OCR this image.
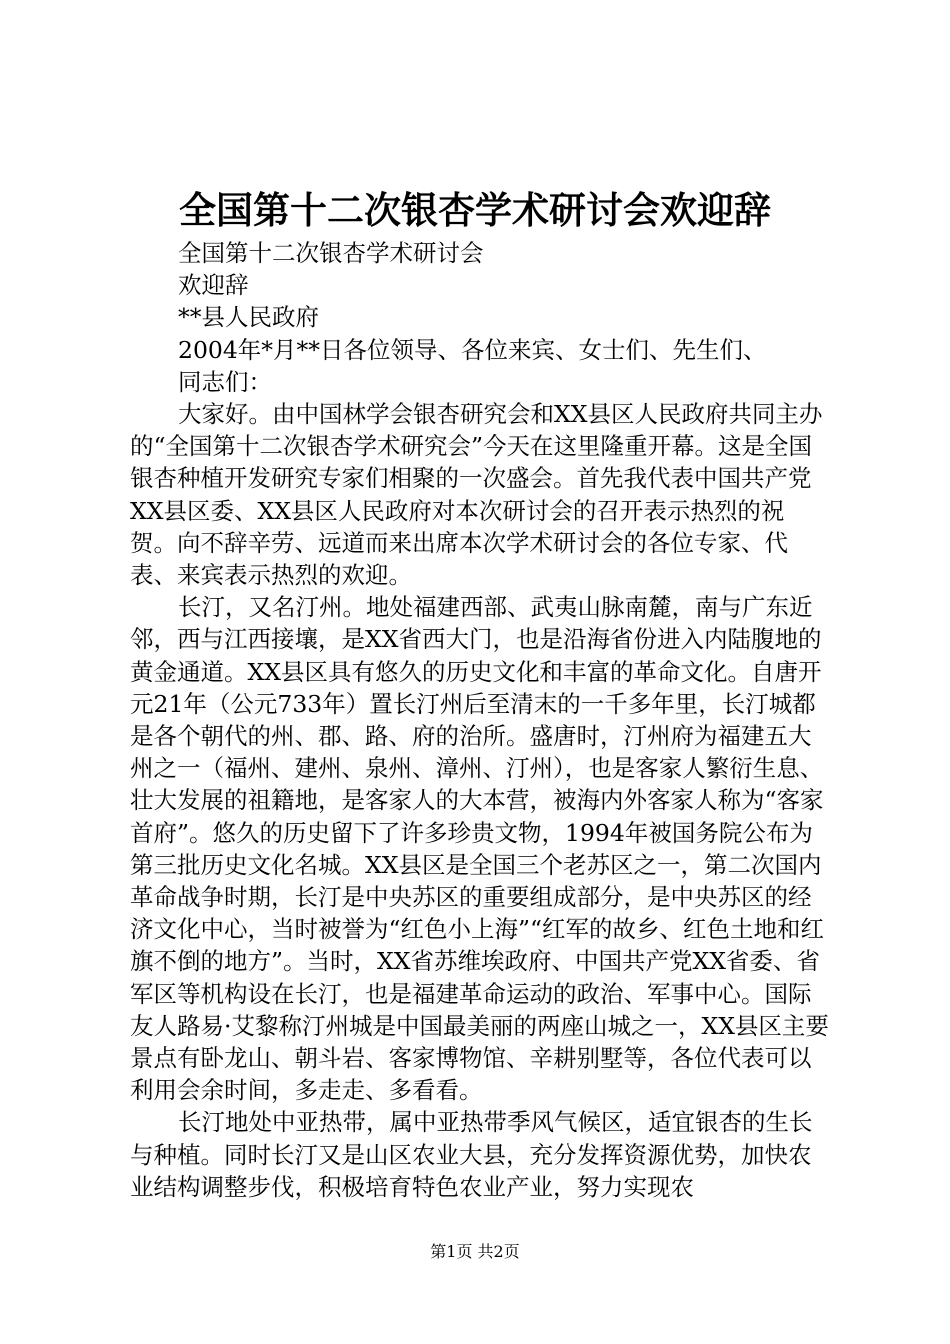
全国第十二次银杏学术研讨会欢迎辞

全国第十二次银杏学术研讨会

欢迎辞

**县人民政府

2004年*月**日各位领导、各位来宾、女士们、先生们、

同志们：

大家好。由中国林学会银杏研究会和XX县区人民政府共同主办的“全国第十二次银杏学术研究会”今天在这里隆重开幕。这是全国银杏种植开发研究专家们相聚的一次盛会。首先我代表中国共产党XX县区委、XX县区人民政府对本次研讨会的召开表示热烈的祝贺。向不辞辛劳、远道而来出席本次学术研讨会的各位专家、代表、来宾表示热烈的欢迎。

长汀，又名汀州。地处福建西部、武夷山脉南麓，南与广东近邻，西与江西接壤，是XX省西大门，也是沿海省份进入内陆腹地的黄金通道。XX县区具有悠久的历史文化和丰富的革命文化。自唐开元21年（公元733年）置长汀州后至清末的一千多年里，长汀城都是各个朝代的州、郡、路、府的治所。盛唐时，汀州府为福建五大州之一（福州、建州、泉州、漳州、汀州），也是客家人繁衍生息、壮大发展的祖籍地，是客家人的大本营，被海内外客家人称为“客家首府”。悠久的历史留下了许多珍贵文物，1994年被国务院公布为第三批历史文化名城。XX县区是全国三个老苏区之一，第二次国内革命战争时期，长汀是中央苏区的重要组成部分，是中央苏区的经济文化中心，当时被誉为“红色小上海”“红军的故乡、红色土地和红旗不倒的地方”。当时，XX省苏维埃政府、中国共产党XX省委、省军区等机构设在长汀，也是福建革命运动的政治、军事中心。国际友人路易·艾黎称汀州城是中国最美丽的两座山城之一，XX县区主要景点有卧龙山、朝斗岩、客家博物馆、辛耕别墅等，各位代表可以利用会余时间，多走走、多看看。

长汀地处中亚热带，属中亚热带季风气候区，适宜银杏的生长与种植。同时长汀又是山区农业大县，充分发挥资源优势，加快农业结构调整步伐，积极培育特色农业产业，努力实现农

第1页 共2页
